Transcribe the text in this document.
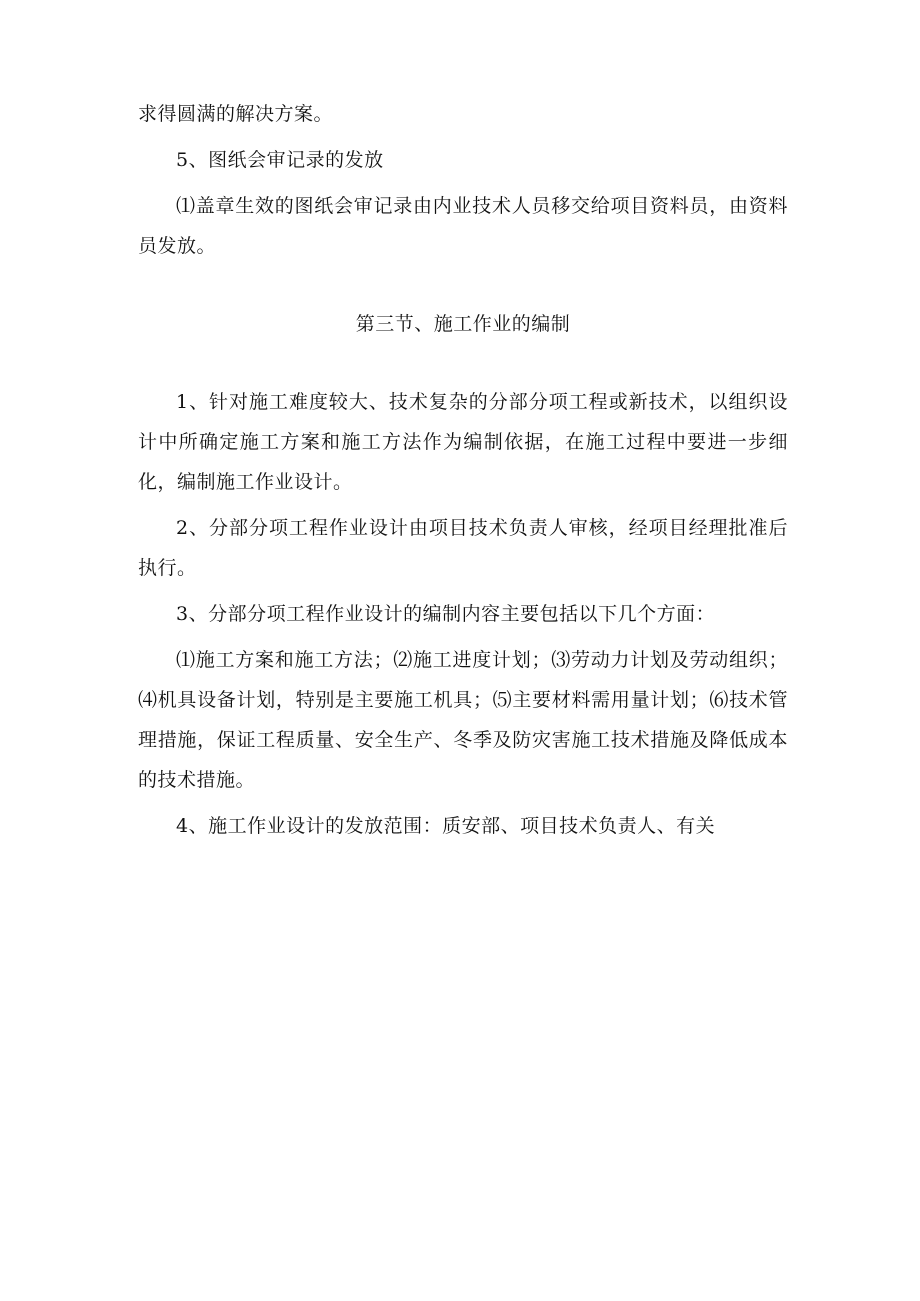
求得圆满的解决方案。

5、图纸会审记录的发放

⑴盖章生效的图纸会审记录由内业技术人员移交给项目资料员，由资料员发放。

第三节、施工作业的编制

1、针对施工难度较大、技术复杂的分部分项工程或新技术，以组织设计中所确定施工方案和施工方法作为编制依据，在施工过程中要进一步细化，编制施工作业设计。

2、分部分项工程作业设计由项目技术负责人审核，经项目经理批准后执行。

3、分部分项工程作业设计的编制内容主要包括以下几个方面：

⑴施工方案和施工方法；⑵施工进度计划；⑶劳动力计划及劳动组织；⑷机具设备计划，特别是主要施工机具；⑸主要材料需用量计划；⑹技术管理措施，保证工程质量、安全生产、冬季及防灾害施工技术措施及降低成本的技术措施。

4、施工作业设计的发放范围：质安部、项目技术负责人、有关
